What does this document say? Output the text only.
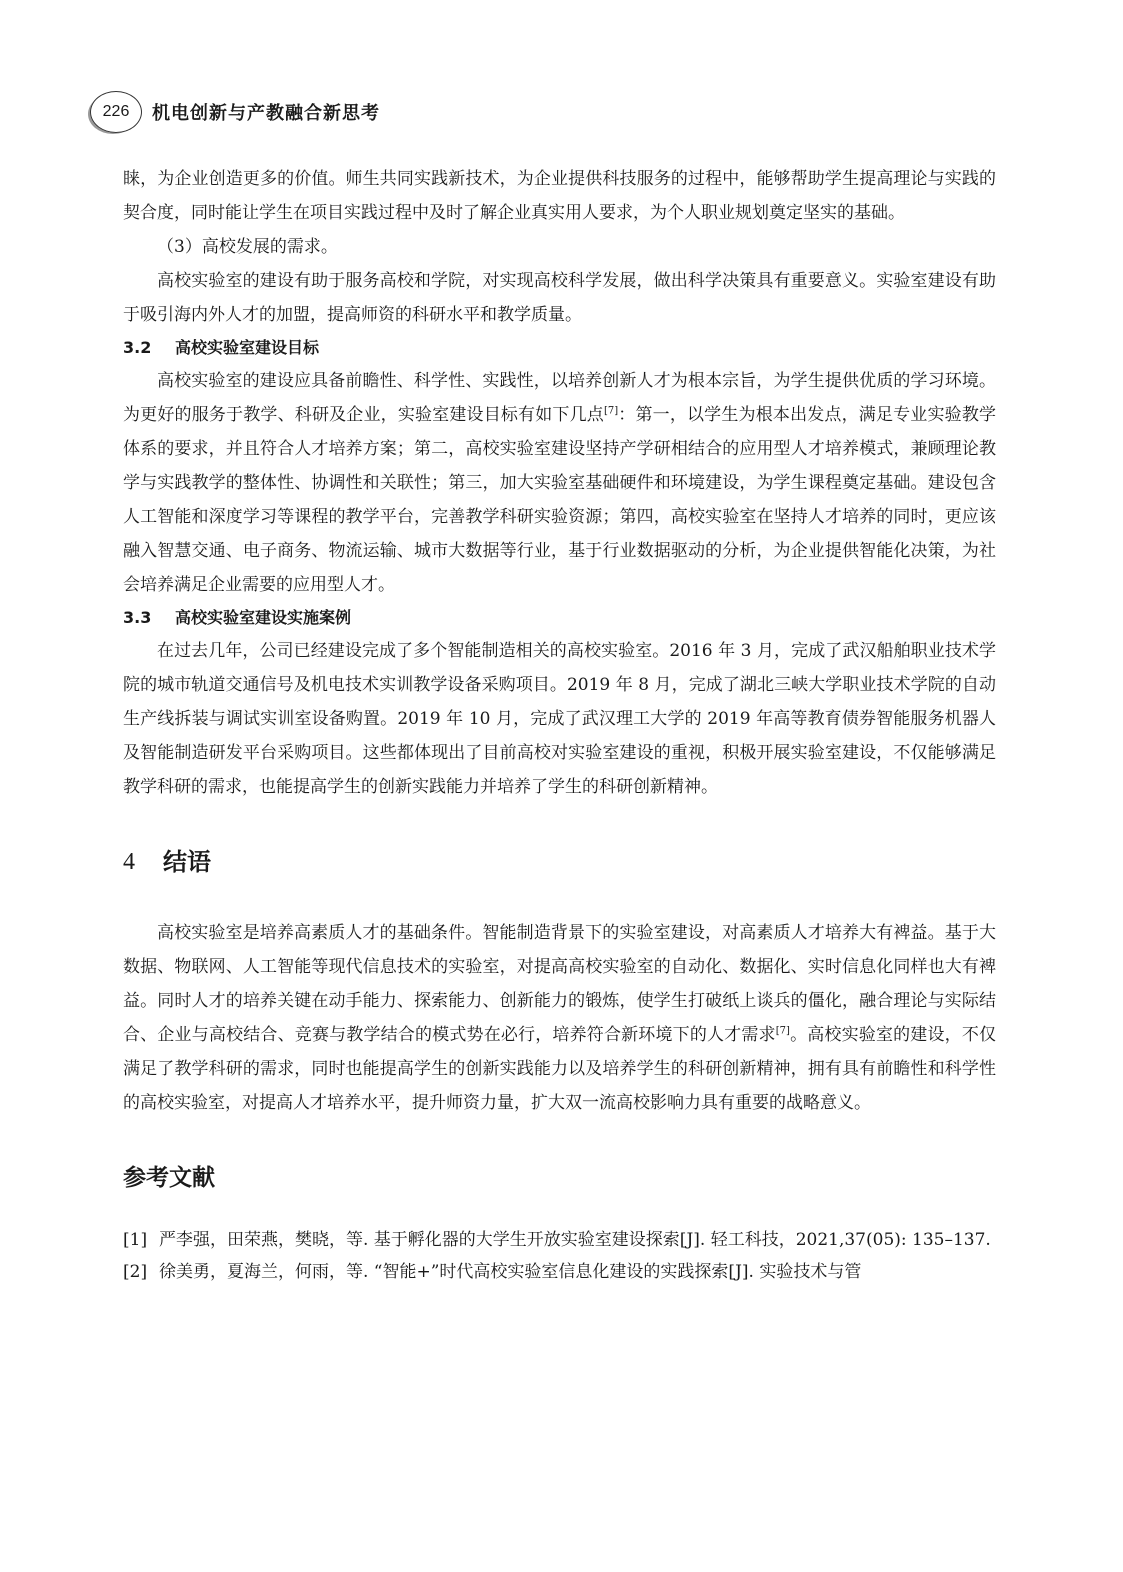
226	机电创新与产教融合新思考

睐，为企业创造更多的价值。师生共同实践新技术，为企业提供科技服务的过程中，能够帮助学生提高理论与实践的契合度，同时能让学生在项目实践过程中及时了解企业真实用人要求，为个人职业规划奠定坚实的基础。

（3）高校发展的需求。

高校实验室的建设有助于服务高校和学院，对实现高校科学发展，做出科学决策具有重要意义。实验室建设有助于吸引海内外人才的加盟，提高师资的科研水平和教学质量。

3.2	高校实验室建设目标

高校实验室的建设应具备前瞻性、科学性、实践性，以培养创新人才为根本宗旨，为学生提供优质的学习环境。为更好的服务于教学、科研及企业，实验室建设目标有如下几点[7]：第一，以学生为根本出发点，满足专业实验教学体系的要求，并且符合人才培养方案；第二，高校实验室建设坚持产学研相结合的应用型人才培养模式，兼顾理论教学与实践教学的整体性、协调性和关联性；第三，加大实验室基础硬件和环境建设，为学生课程奠定基础。建设包含人工智能和深度学习等课程的教学平台，完善教学科研实验资源；第四，高校实验室在坚持人才培养的同时，更应该融入智慧交通、电子商务、物流运输、城市大数据等行业，基于行业数据驱动的分析，为企业提供智能化决策，为社会培养满足企业需要的应用型人才。

3.3	高校实验室建设实施案例

在过去几年，公司已经建设完成了多个智能制造相关的高校实验室。2016 年 3 月，完成了武汉船舶职业技术学院的城市轨道交通信号及机电技术实训教学设备采购项目。2019 年 8 月，完成了湖北三峡大学职业技术学院的自动生产线拆装与调试实训室设备购置。2019 年 10 月，完成了武汉理工大学的 2019 年高等教育债券智能服务机器人及智能制造研发平台采购项目。这些都体现出了目前高校对实验室建设的重视，积极开展实验室建设，不仅能够满足教学科研的需求，也能提高学生的创新实践能力并培养了学生的科研创新精神。

4	结语

高校实验室是培养高素质人才的基础条件。智能制造背景下的实验室建设，对高素质人才培养大有裨益。基于大数据、物联网、人工智能等现代信息技术的实验室，对提高高校实验室的自动化、数据化、实时信息化同样也大有裨益。同时人才的培养关键在动手能力、探索能力、创新能力的锻炼，使学生打破纸上谈兵的僵化，融合理论与实际结合、企业与高校结合、竞赛与教学结合的模式势在必行，培养符合新环境下的人才需求[7]。高校实验室的建设，不仅满足了教学科研的需求，同时也能提高学生的创新实践能力以及培养学生的科研创新精神，拥有具有前瞻性和科学性的高校实验室，对提高人才培养水平，提升师资力量，扩大双一流高校影响力具有重要的战略意义。

参考文献
[1] 严李强，田荣燕，樊晓，等. 基于孵化器的大学生开放实验室建设探索[J]. 轻工科技，2021,37(05): 135–137.
[2] 徐美勇，夏海兰，何雨，等. “智能+”时代高校实验室信息化建设的实践探索[J]. 实验技术与管
